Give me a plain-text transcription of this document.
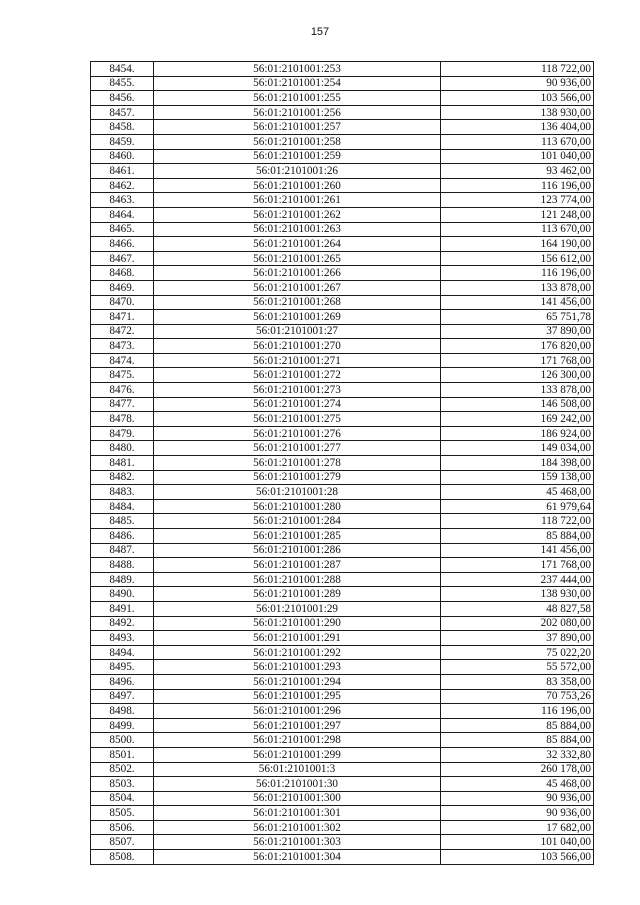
157
8454.	56:01:2101001:253	118 722,00
8455.	56:01:2101001:254	90 936,00
8456.	56:01:2101001:255	103 566,00
8457.	56:01:2101001:256	138 930,00
8458.	56:01:2101001:257	136 404,00
8459.	56:01:2101001:258	113 670,00
8460.	56:01:2101001:259	101 040,00
8461.	56:01:2101001:26	93 462,00
8462.	56:01:2101001:260	116 196,00
8463.	56:01:2101001:261	123 774,00
8464.	56:01:2101001:262	121 248,00
8465.	56:01:2101001:263	113 670,00
8466.	56:01:2101001:264	164 190,00
8467.	56:01:2101001:265	156 612,00
8468.	56:01:2101001:266	116 196,00
8469.	56:01:2101001:267	133 878,00
8470.	56:01:2101001:268	141 456,00
8471.	56:01:2101001:269	65 751,78
8472.	56:01:2101001:27	37 890,00
8473.	56:01:2101001:270	176 820,00
8474.	56:01:2101001:271	171 768,00
8475.	56:01:2101001:272	126 300,00
8476.	56:01:2101001:273	133 878,00
8477.	56:01:2101001:274	146 508,00
8478.	56:01:2101001:275	169 242,00
8479.	56:01:2101001:276	186 924,00
8480.	56:01:2101001:277	149 034,00
8481.	56:01:2101001:278	184 398,00
8482.	56:01:2101001:279	159 138,00
8483.	56:01:2101001:28	45 468,00
8484.	56:01:2101001:280	61 979,64
8485.	56:01:2101001:284	118 722,00
8486.	56:01:2101001:285	85 884,00
8487.	56:01:2101001:286	141 456,00
8488.	56:01:2101001:287	171 768,00
8489.	56:01:2101001:288	237 444,00
8490.	56:01:2101001:289	138 930,00
8491.	56:01:2101001:29	48 827,58
8492.	56:01:2101001:290	202 080,00
8493.	56:01:2101001:291	37 890,00
8494.	56:01:2101001:292	75 022,20
8495.	56:01:2101001:293	55 572,00
8496.	56:01:2101001:294	83 358,00
8497.	56:01:2101001:295	70 753,26
8498.	56:01:2101001:296	116 196,00
8499.	56:01:2101001:297	85 884,00
8500.	56:01:2101001:298	85 884,00
8501.	56:01:2101001:299	32 332,80
8502.	56:01:2101001:3	260 178,00
8503.	56:01:2101001:30	45 468,00
8504.	56:01:2101001:300	90 936,00
8505.	56:01:2101001:301	90 936,00
8506.	56:01:2101001:302	17 682,00
8507.	56:01:2101001:303	101 040,00
8508.	56:01:2101001:304	103 566,00
